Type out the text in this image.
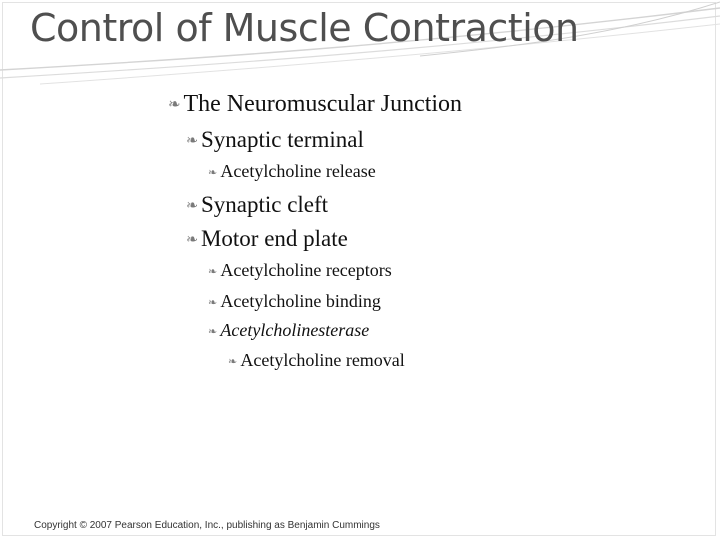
Control of Muscle Contraction
❧ The Neuromuscular Junction
❧ Synaptic terminal
❧ Acetylcholine release
❧ Synaptic cleft
❧ Motor end plate
❧ Acetylcholine receptors
❧ Acetylcholine binding
❧ Acetylcholinesterase
❧ Acetylcholine removal
Copyright © 2007 Pearson Education, Inc., publishing as Benjamin Cummings
